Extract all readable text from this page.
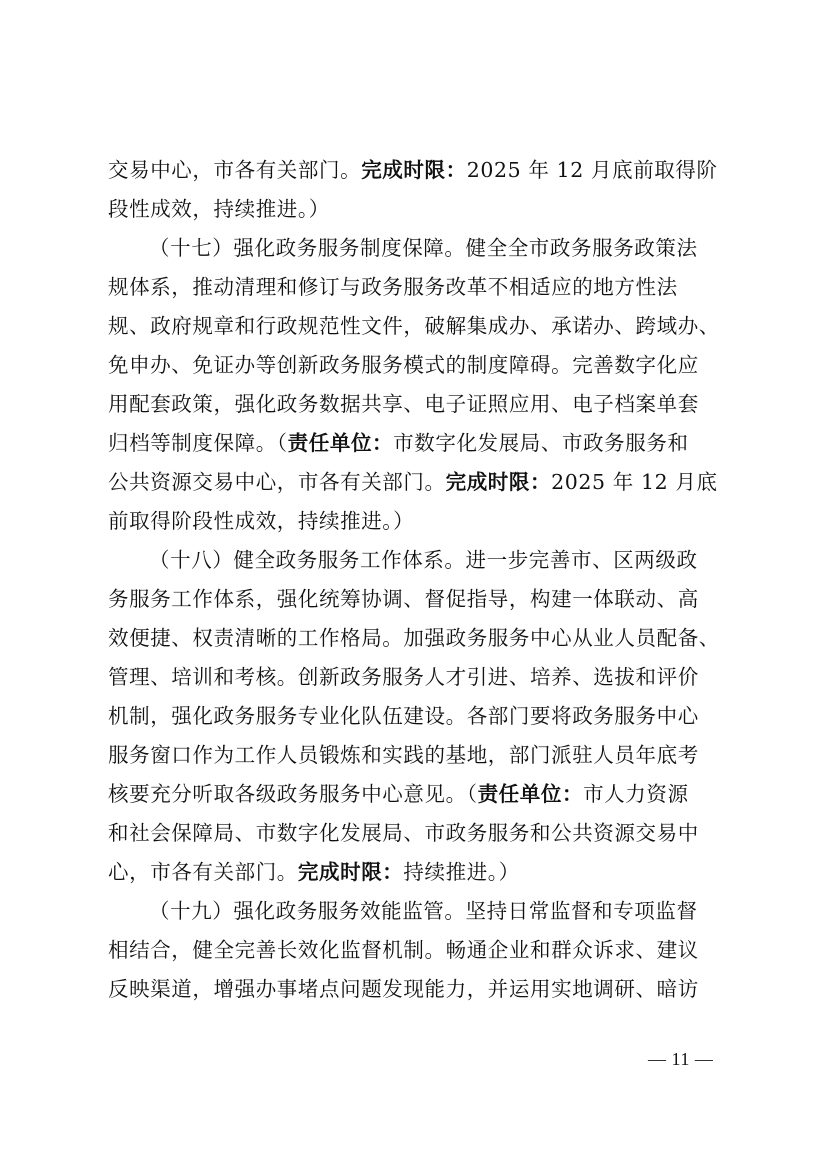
交易中心，市各有关部门。完成时限：2025 年 12 月底前取得阶
段性成效，持续推进。）
（十七）强化政务服务制度保障。健全全市政务服务政策法
规体系，推动清理和修订与政务服务改革不相适应的地方性法
规、政府规章和行政规范性文件，破解集成办、承诺办、跨域办、
免申办、免证办等创新政务服务模式的制度障碍。完善数字化应
用配套政策，强化政务数据共享、电子证照应用、电子档案单套
归档等制度保障。（责任单位：市数字化发展局、市政务服务和
公共资源交易中心，市各有关部门。完成时限：2025 年 12 月底
前取得阶段性成效，持续推进。）
（十八）健全政务服务工作体系。进一步完善市、区两级政
务服务工作体系，强化统筹协调、督促指导，构建一体联动、高
效便捷、权责清晰的工作格局。加强政务服务中心从业人员配备、
管理、培训和考核。创新政务服务人才引进、培养、选拔和评价
机制，强化政务服务专业化队伍建设。各部门要将政务服务中心
服务窗口作为工作人员锻炼和实践的基地，部门派驻人员年底考
核要充分听取各级政务服务中心意见。（责任单位：市人力资源
和社会保障局、市数字化发展局、市政务服务和公共资源交易中
心，市各有关部门。完成时限：持续推进。）
（十九）强化政务服务效能监管。坚持日常监督和专项监督
相结合，健全完善长效化监督机制。畅通企业和群众诉求、建议
反映渠道，增强办事堵点问题发现能力，并运用实地调研、暗访
— 11 —
